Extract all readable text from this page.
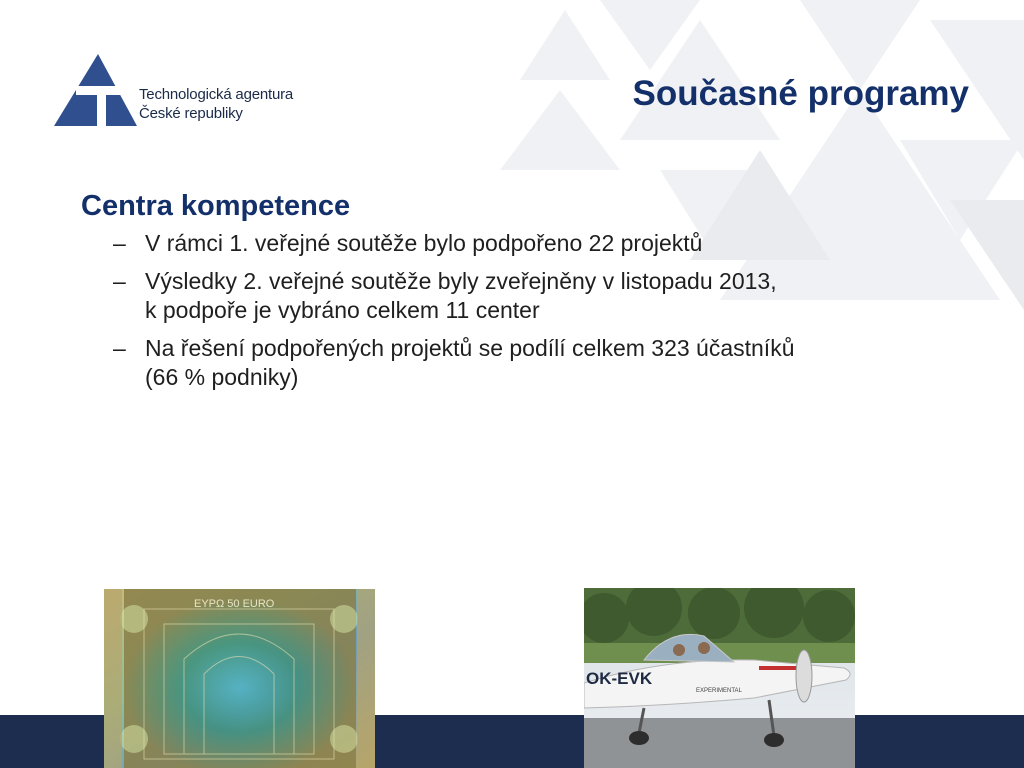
Technologická agentura
České republiky
Současné programy
Centra kompetence
– V rámci 1. veřejné soutěže bylo podpořeno 22 projektů
– Výsledky 2. veřejné soutěže byly zveřejněny v listopadu 2013,
k podpoře je vybráno celkem 11 center
– Na řešení podpořených projektů se podílí celkem 323 účastníků
(66 % podniky)
ΕΥΡΩ 50 EURO
OK-EVK
EXPERIMENTAL
